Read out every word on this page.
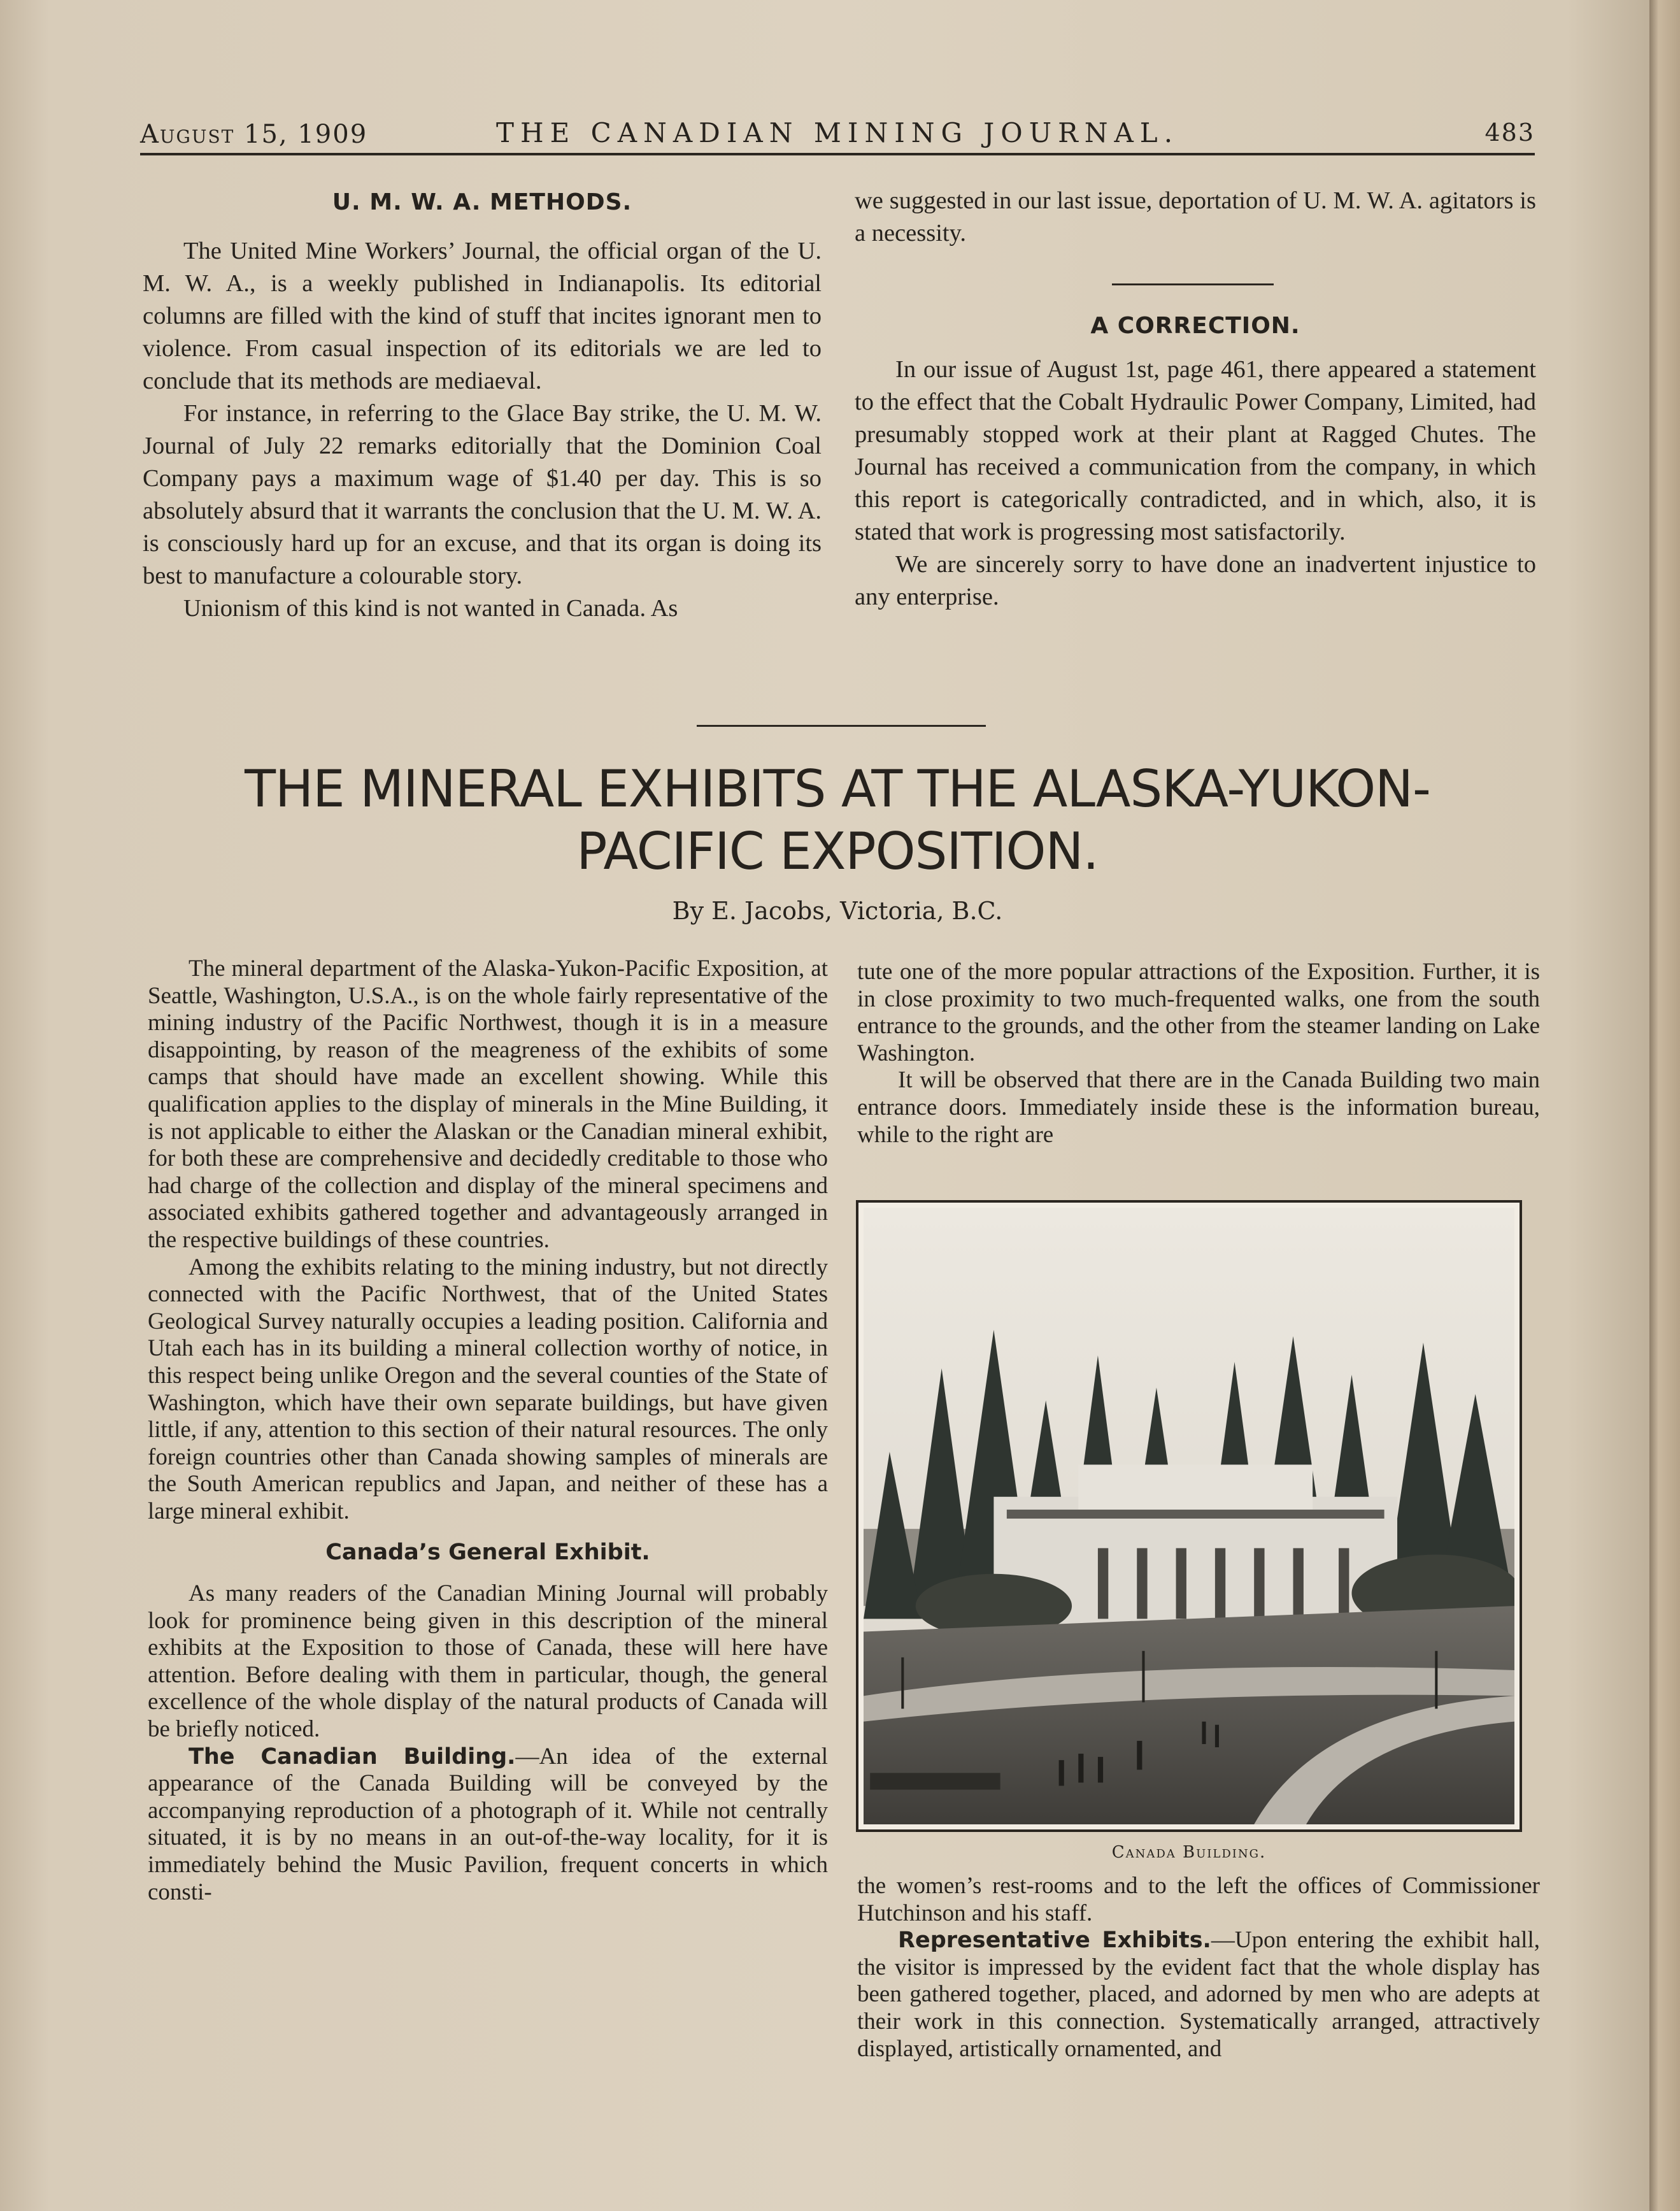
August 15, 1909	THE CANADIAN MINING JOURNAL.	483
U. M. W. A. METHODS.

The United Mine Workers’ Journal, the official organ of the U. M. W. A., is a weekly published in Indianapolis. Its editorial columns are filled with the kind of stuff that incites ignorant men to violence. From casual inspection of its editorials we are led to conclude that its methods are mediaeval.

For instance, in referring to the Glace Bay strike, the U. M. W. Journal of July 22 remarks editorially that the Dominion Coal Company pays a maximum wage of $1.40 per day. This is so absolutely absurd that it warrants the conclusion that the U. M. W. A. is consciously hard up for an excuse, and that its organ is doing its best to manufacture a colourable story.

Unionism of this kind is not wanted in Canada. As

we suggested in our last issue, deportation of U. M. W. A. agitators is a necessity.

A CORRECTION.

In our issue of August 1st, page 461, there appeared a statement to the effect that the Cobalt Hydraulic Power Company, Limited, had presumably stopped work at their plant at Ragged Chutes. The Journal has received a communication from the company, in which this report is categorically contradicted, and in which, also, it is stated that work is progressing most satisfactorily.

We are sincerely sorry to have done an inadvertent injustice to any enterprise.

THE MINERAL EXHIBITS AT THE ALASKA-YUKON-
PACIFIC EXPOSITION.
By E. Jacobs, Victoria, B.C.

The mineral department of the Alaska-Yukon-Pacific Exposition, at Seattle, Washington, U.S.A., is on the whole fairly representative of the mining industry of the Pacific Northwest, though it is in a measure disappointing, by reason of the meagreness of the exhibits of some camps that should have made an excellent showing. While this qualification applies to the display of minerals in the Mine Building, it is not applicable to either the Alaskan or the Canadian mineral exhibit, for both these are comprehensive and decidedly creditable to those who had charge of the collection and display of the mineral specimens and associated exhibits gathered together and advantageously arranged in the respective buildings of these countries.

Among the exhibits relating to the mining industry, but not directly connected with the Pacific Northwest, that of the United States Geological Survey naturally occupies a leading position. California and Utah each has in its building a mineral collection worthy of notice, in this respect being unlike Oregon and the several counties of the State of Washington, which have their own separate buildings, but have given little, if any, attention to this section of their natural resources. The only foreign countries other than Canada showing samples of minerals are the South American republics and Japan, and neither of these has a large mineral exhibit.

Canada’s General Exhibit.

As many readers of the Canadian Mining Journal will probably look for prominence being given in this description of the mineral exhibits at the Exposition to those of Canada, these will here have attention. Before dealing with them in particular, though, the general excellence of the whole display of the natural products of Canada will be briefly noticed.

The Canadian Building.—An idea of the external appearance of the Canada Building will be conveyed by the accompanying reproduction of a photograph of it. While not centrally situated, it is by no means in an out-of-the-way locality, for it is immediately behind the Music Pavilion, frequent concerts in which consti-

tute one of the more popular attractions of the Exposition. Further, it is in close proximity to two much-frequented walks, one from the south entrance to the grounds, and the other from the steamer landing on Lake Washington.

It will be observed that there are in the Canada Building two main entrance doors. Immediately inside these is the information bureau, while to the right are

Canada Building.

the women’s rest-rooms and to the left the offices of Commissioner Hutchinson and his staff.

Representative Exhibits.—Upon entering the exhibit hall, the visitor is impressed by the evident fact that the whole display has been gathered together, placed, and adorned by men who are adepts at their work in this connection. Systematically arranged, attractively displayed, artistically ornamented, and
